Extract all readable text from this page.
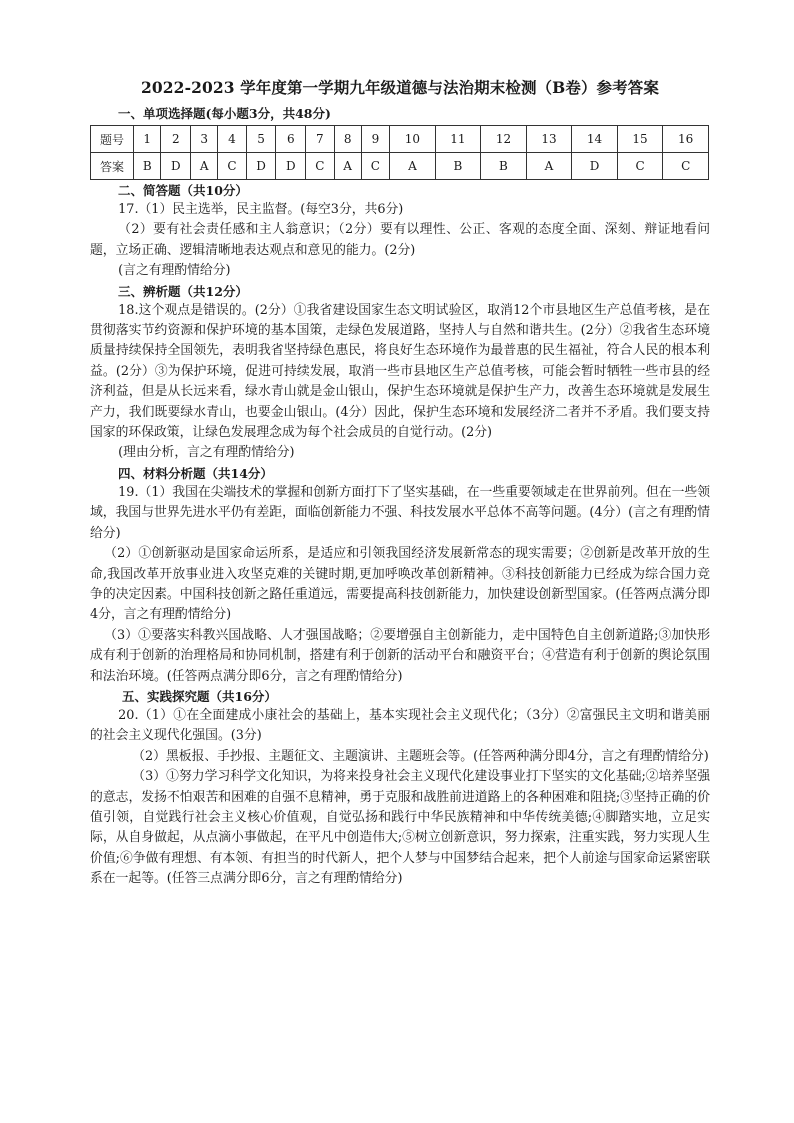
2022-2023 学年度第一学期九年级道德与法治期末检测（B卷）参考答案
一、单项选择题(每小题3分，共48分)
题号	1	2	3	4	5	6	7	8	9	10	11	12	13	14	15	16
答案	B	D	A	C	D	D	C	A	C	A	B	B	A	D	C	C
二、简答题（共10分）

17.（1）民主选举，民主监督。(每空3分，共6分)

（2）要有社会责任感和主人翁意识；（2分）要有以理性、公正、客观的态度全面、深刻、辩证地看问题，立场正确、逻辑清晰地表达观点和意见的能力。(2分)

(言之有理酌情给分)

三、辨析题（共12分）

18.这个观点是错误的。(2分）①我省建设国家生态文明试验区，取消12个市县地区生产总值考核，是在贯彻落实节约资源和保护环境的基本国策，走绿色发展道路，坚持人与自然和谐共生。(2分）②我省生态环境质量持续保持全国领先，表明我省坚持绿色惠民，将良好生态环境作为最普惠的民生福祉，符合人民的根本利益。(2分）③为保护环境，促进可持续发展，取消一些市县地区生产总值考核，可能会暂时牺牲一些市县的经济利益，但是从长远来看，绿水青山就是金山银山，保护生态环境就是保护生产力，改善生态环境就是发展生产力，我们既要绿水青山，也要金山银山。(4分）因此，保护生态环境和发展经济二者并不矛盾。我们要支持国家的环保政策，让绿色发展理念成为每个社会成员的自觉行动。(2分)

(理由分析，言之有理酌情给分)

四、材料分析题（共14分）

19.（1）我国在尖端技术的掌握和创新方面打下了坚实基础，在一些重要领域走在世界前列。但在一些领域，我国与世界先进水平仍有差距，面临创新能力不强、科技发展水平总体不高等问题。(4分）(言之有理酌情给分)

（2）①创新驱动是国家命运所系，是适应和引领我国经济发展新常态的现实需要；②创新是改革开放的生命,我国改革开放事业进入攻坚克难的关键时期,更加呼唤改革创新精神。③科技创新能力已经成为综合国力竞争的决定因素。中国科技创新之路任重道远，需要提高科技创新能力，加快建设创新型国家。(任答两点满分即4分，言之有理酌情给分)

（3）①要落实科教兴国战略、人才强国战略；②要增强自主创新能力，走中国特色自主创新道路;③加快形成有利于创新的治理格局和协同机制，搭建有利于创新的活动平台和融资平台；④营造有利于创新的舆论氛围和法治环境。(任答两点满分即6分，言之有理酌情给分)

五、实践探究题（共16分）

20.（1）①在全面建成小康社会的基础上，基本实现社会主义现代化；（3分）②富强民主文明和谐美丽的社会主义现代化强国。(3分)

（2）黑板报、手抄报、主题征文、主题演讲、主题班会等。(任答两种满分即4分，言之有理酌情给分)

（3）①努力学习科学文化知识，为将来投身社会主义现代化建设事业打下坚实的文化基础;②培养坚强的意志，发扬不怕艰苦和困难的自强不息精神，勇于克服和战胜前进道路上的各种困难和阻挠;③坚持正确的价值引领，自觉践行社会主义核心价值观，自觉弘扬和践行中华民族精神和中华传统美德;④脚踏实地，立足实际，从自身做起，从点滴小事做起，在平凡中创造伟大;⑤树立创新意识，努力探索，注重实践，努力实现人生价值;⑥争做有理想、有本领、有担当的时代新人，把个人梦与中国梦结合起来，把个人前途与国家命运紧密联系在一起等。(任答三点满分即6分，言之有理酌情给分)
